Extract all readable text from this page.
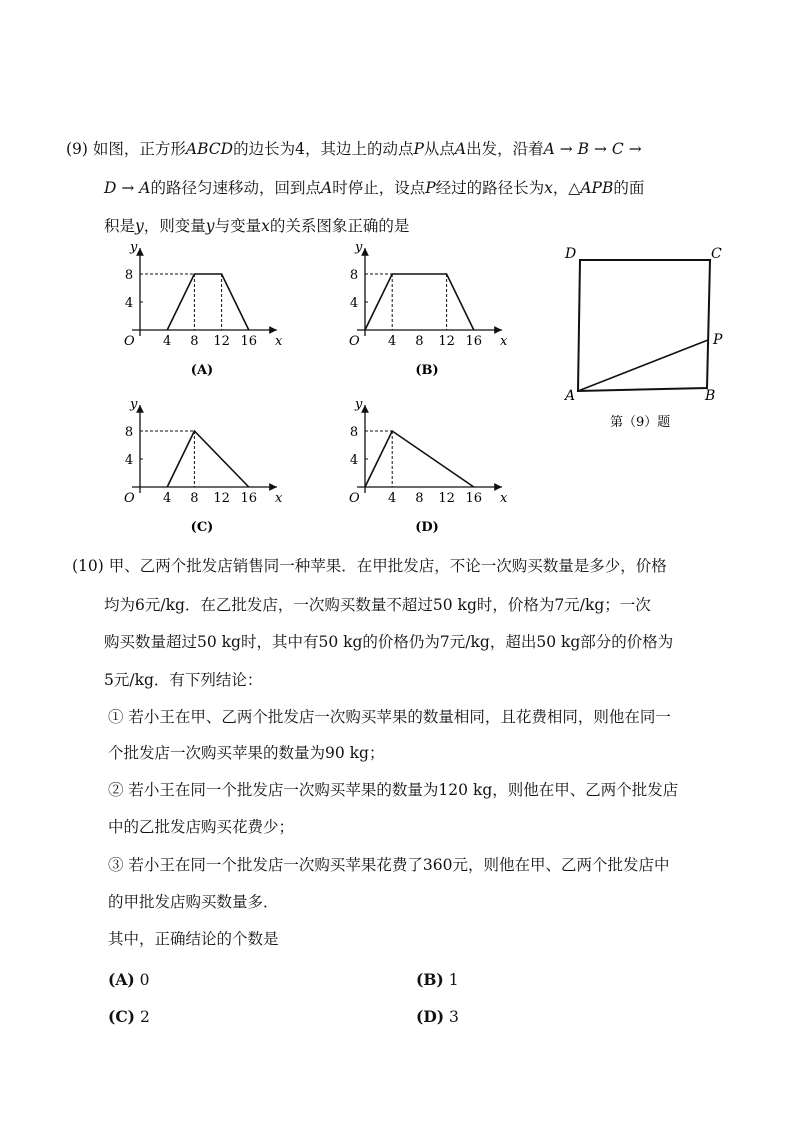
(9) 如图，正方形ABCD的边长为4，其边上的动点P从点A出发，沿着A → B → C →
D → A的路径匀速移动，回到点A时停止，设点P经过的路径长为x，△APB的面
积是y，则变量y与变量x的关系图象正确的是
x
y
O 4 8 12 16
4
8
(A)
x
y
O 4 8 12 16
4
8
(B)
x
y
O 4 8 12 16
4
8
(C)
x
y
O 4 8 12 16
4
8
(D)
D	C
P
A	B
第（9）题
(10) 甲、乙两个批发店销售同一种苹果．在甲批发店，不论一次购买数量是多少，价格
均为6元/kg．在乙批发店，一次购买数量不超过50 kg时，价格为7元/kg；一次
购买数量超过50 kg时，其中有50 kg的价格仍为7元/kg，超出50 kg部分的价格为
5元/kg．有下列结论：
① 若小王在甲、乙两个批发店一次购买苹果的数量相同，且花费相同，则他在同一
个批发店一次购买苹果的数量为90 kg；
② 若小王在同一个批发店一次购买苹果的数量为120 kg，则他在甲、乙两个批发店
中的乙批发店购买花费少；
③ 若小王在同一个批发店一次购买苹果花费了360元，则他在甲、乙两个批发店中
的甲批发店购买数量多．
其中，正确结论的个数是
(A) 0	(B) 1
(C) 2	(D) 3
